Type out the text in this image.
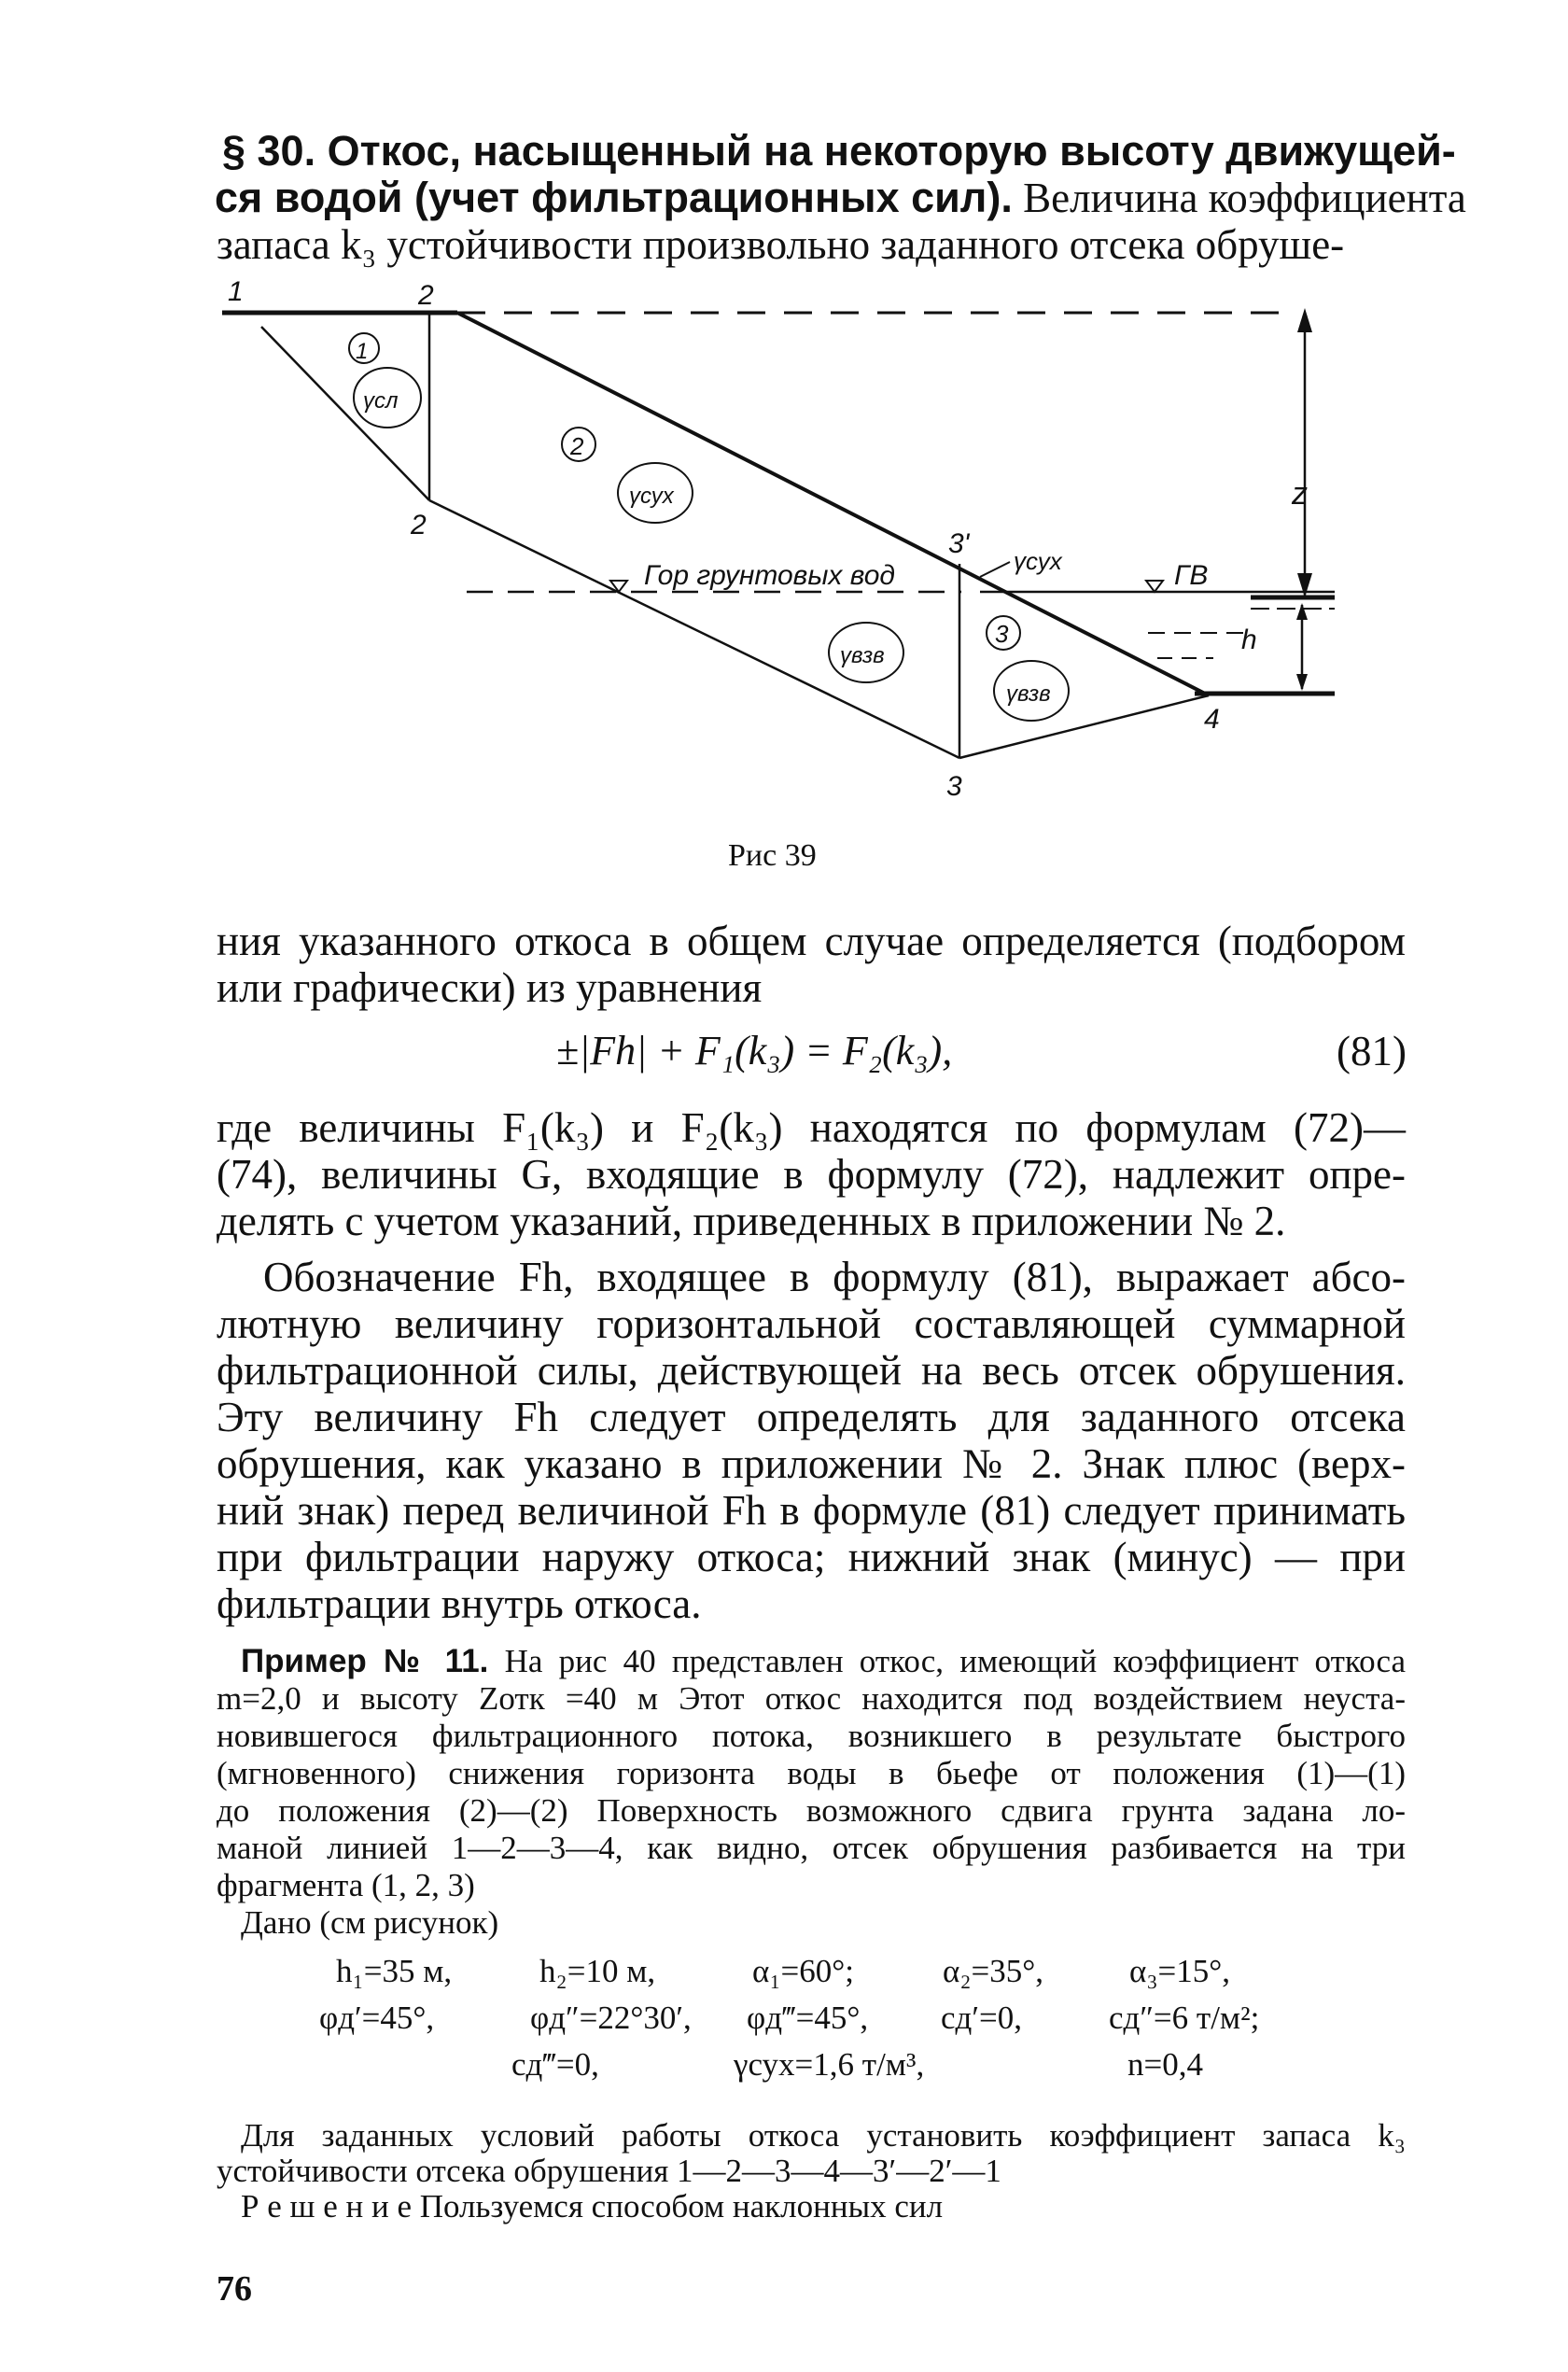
§ 30. Откос, насыщенный на некоторую высоту движущей-
ся водой (учет фильтрационных сил). Величина коэффициента
запаса k₃ устойчивости произвольно заданного отсека обруше-
1	2
2
3'
3
4
1
2
3
γсл
γсух
γсух
γвзв
γвзв
Гор грунтовых вод	ГВ
z
h
Рис 39
ния указанного откоса в общем случае определяется (подбором
или графически) из уравнения
±|Fh| + F₁(k₃) = F₂(k₃),	(81)
где величины F₁(k₃) и F₂(k₃) находятся по формулам (72)—
(74), величины G, входящие в формулу (72), надлежит опре-
делять с учетом указаний, приведенных в приложении № 2.
Обозначение Fh, входящее в формулу (81), выражает абсо-
лютную величину горизонтальной составляющей суммарной
фильтрационной силы, действующей на весь отсек обрушения.
Эту величину Fh следует определять для заданного отсека
обрушения, как указано в приложении № 2. Знак плюс (верх-
ний знак) перед величиной Fh в формуле (81) следует принимать
при фильтрации наружу откоса; нижний знак (минус) — при
фильтрации внутрь откоса.
Пример № 11. На рис 40 представлен откос, имеющий коэффициент откоса
m=2,0 и высоту Zотк =40 м Этот откос находится под воздействием неуста-
новившегося фильтрационного потока, возникшего в результате быстрого
(мгновенного) снижения горизонта воды в бьефе от положения (1)—(1)
до положения (2)—(2) Поверхность возможного сдвига грунта задана ло-
маной линией 1—2—3—4, как видно, отсек обрушения разбивается на три
фрагмента (1, 2, 3)
Дано (см рисунок)
h₁=35 м,	h₂=10 м,	α₁=60°;	α₂=35°,	α₃=15°,
φд′=45°,	φд″=22°30′, φд‴=45°, cд′=0,	cд″=6 т/м²;
cд‴=0,	γсух=1,6 т/м³,	n=0,4
Для заданных условий работы откоса установить коэффициент запаса k₃
устойчивости отсека обрушения 1—2—3—4—3′—2′—1
Р е ш е н и е Пользуемся способом наклонных сил
76
